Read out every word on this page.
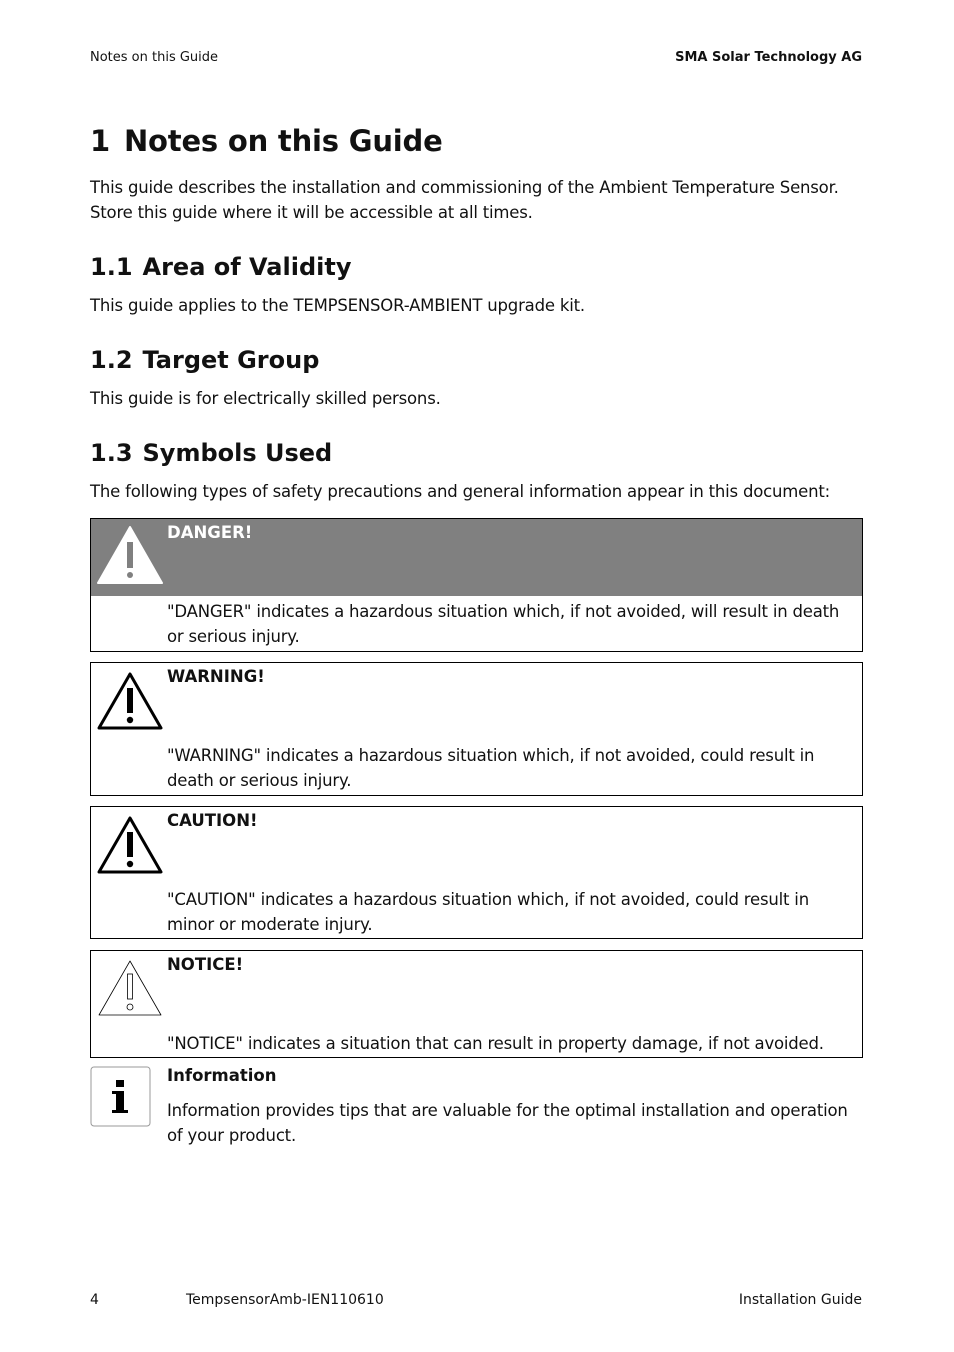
Notes on this Guide	SMA Solar Technology AG
1 Notes on this Guide

This guide describes the installation and commissioning of the Ambient Temperature Sensor. Store this guide where it will be accessible at all times.

1.1 Area of Validity

This guide applies to the TEMPSENSOR-AMBIENT upgrade kit.

1.2 Target Group

This guide is for electrically skilled persons.

1.3 Symbols Used

The following types of safety precautions and general information appear in this document:

DANGER!
"DANGER" indicates a hazardous situation which, if not avoided, will result in death or serious injury.
WARNING!
"WARNING" indicates a hazardous situation which, if not avoided, could result in death or serious injury.
CAUTION!
"CAUTION" indicates a hazardous situation which, if not avoided, could result in minor or moderate injury.
NOTICE!
"NOTICE" indicates a situation that can result in property damage, if not avoided.
Information
Information provides tips that are valuable for the optimal installation and operation of your product.
4	TempsensorAmb-IEN110610	Installation Guide
